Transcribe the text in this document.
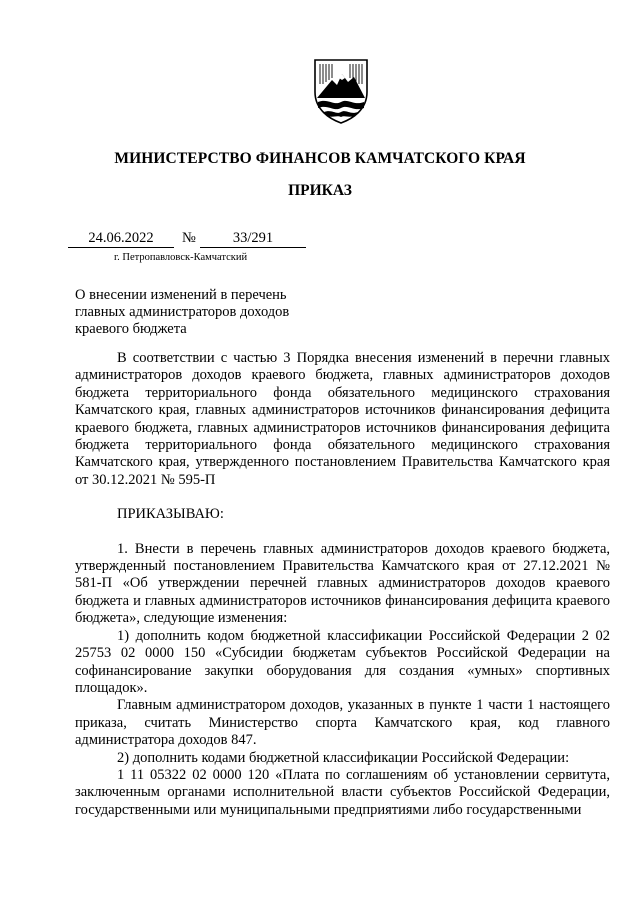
МИНИСТЕРСТВО ФИНАНСОВ КАМЧАТСКОГО КРАЯ
ПРИКАЗ
24.06.2022	№	33/291
г. Петропавловск-Камчатский
О внесении изменений в перечень главных администраторов доходов краевого бюджета

В соответствии с частью 3 Порядка внесения изменений в перечни главных администраторов доходов краевого бюджета, главных администраторов доходов бюджета территориального фонда обязательного медицинского страхования Камчатского края, главных администраторов источников финансирования дефицита краевого бюджета, главных администраторов источников финансирования дефицита бюджета территориального фонда обязательного медицинского страхования Камчатского края, утвержденного постановлением Правительства Камчатского края от 30.12.2021 № 595-П

ПРИКАЗЫВАЮ:

1. Внести в перечень главных администраторов доходов краевого бюджета, утвержденный постановлением Правительства Камчатского края от 27.12.2021 № 581-П «Об утверждении перечней главных администраторов доходов краевого бюджета и главных администраторов источников финансирования дефицита краевого бюджета», следующие изменения:

1) дополнить кодом бюджетной классификации Российской Федерации 2 02 25753 02 0000 150 «Субсидии бюджетам субъектов Российской Федерации на софинансирование закупки оборудования для создания «умных» спортивных площадок».

Главным администратором доходов, указанных в пункте 1 части 1 настоящего приказа, считать Министерство спорта Камчатского края, код главного администратора доходов 847.

2) дополнить кодами бюджетной классификации Российской Федерации:

1 11 05322 02 0000 120 «Плата по соглашениям об установлении сервитута, заключенным органами исполнительной власти субъектов Российской Федерации, государственными или муниципальными предприятиями либо государственными
